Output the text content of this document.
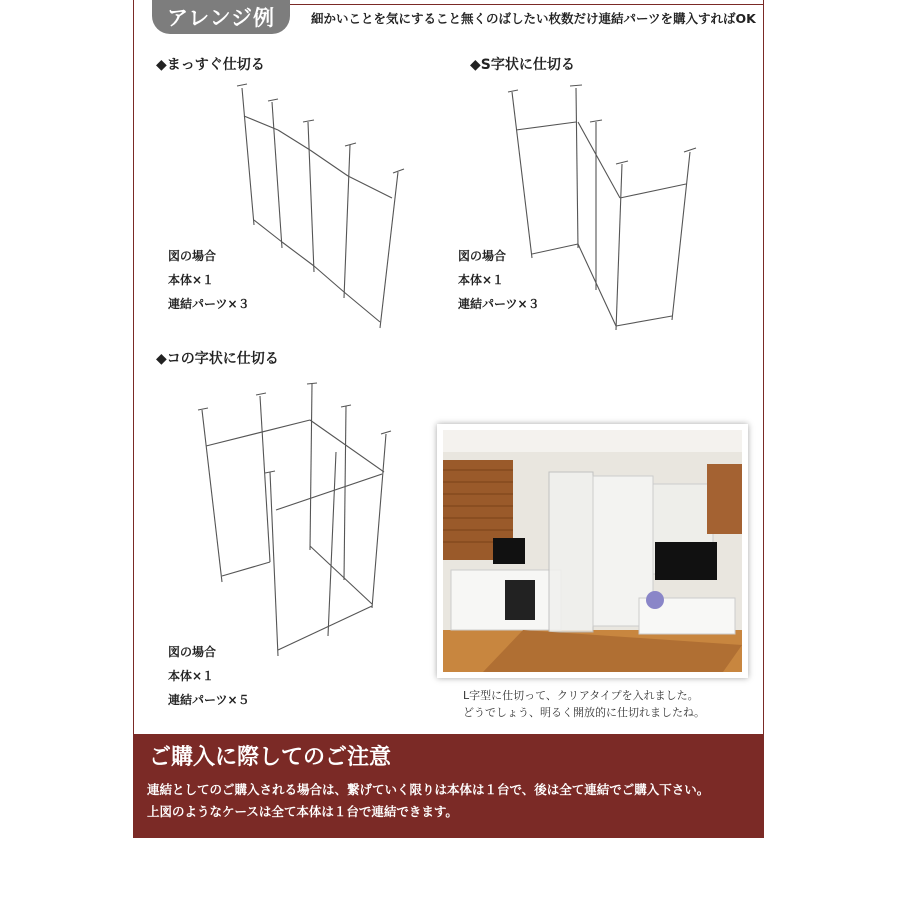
アレンジ例	細かいことを気にすること無くのばしたい枚数だけ連結パーツを購入すればOK
◆まっすぐ仕切る
図の場合
本体×１
連結パーツ×３
◆S字状に仕切る
図の場合
本体×１
連結パーツ×３
◆コの字状に仕切る
図の場合
本体×１
連結パーツ×５	L字型に仕切って、クリアタイプを入れました。
どうでしょう、明るく開放的に仕切れましたね。
ご購入に際してのご注意
連結としてのご購入される場合は、繋げていく限りは本体は１台で、後は全て連結でご購入下さい。
上図のようなケースは全て本体は１台で連結できます。
